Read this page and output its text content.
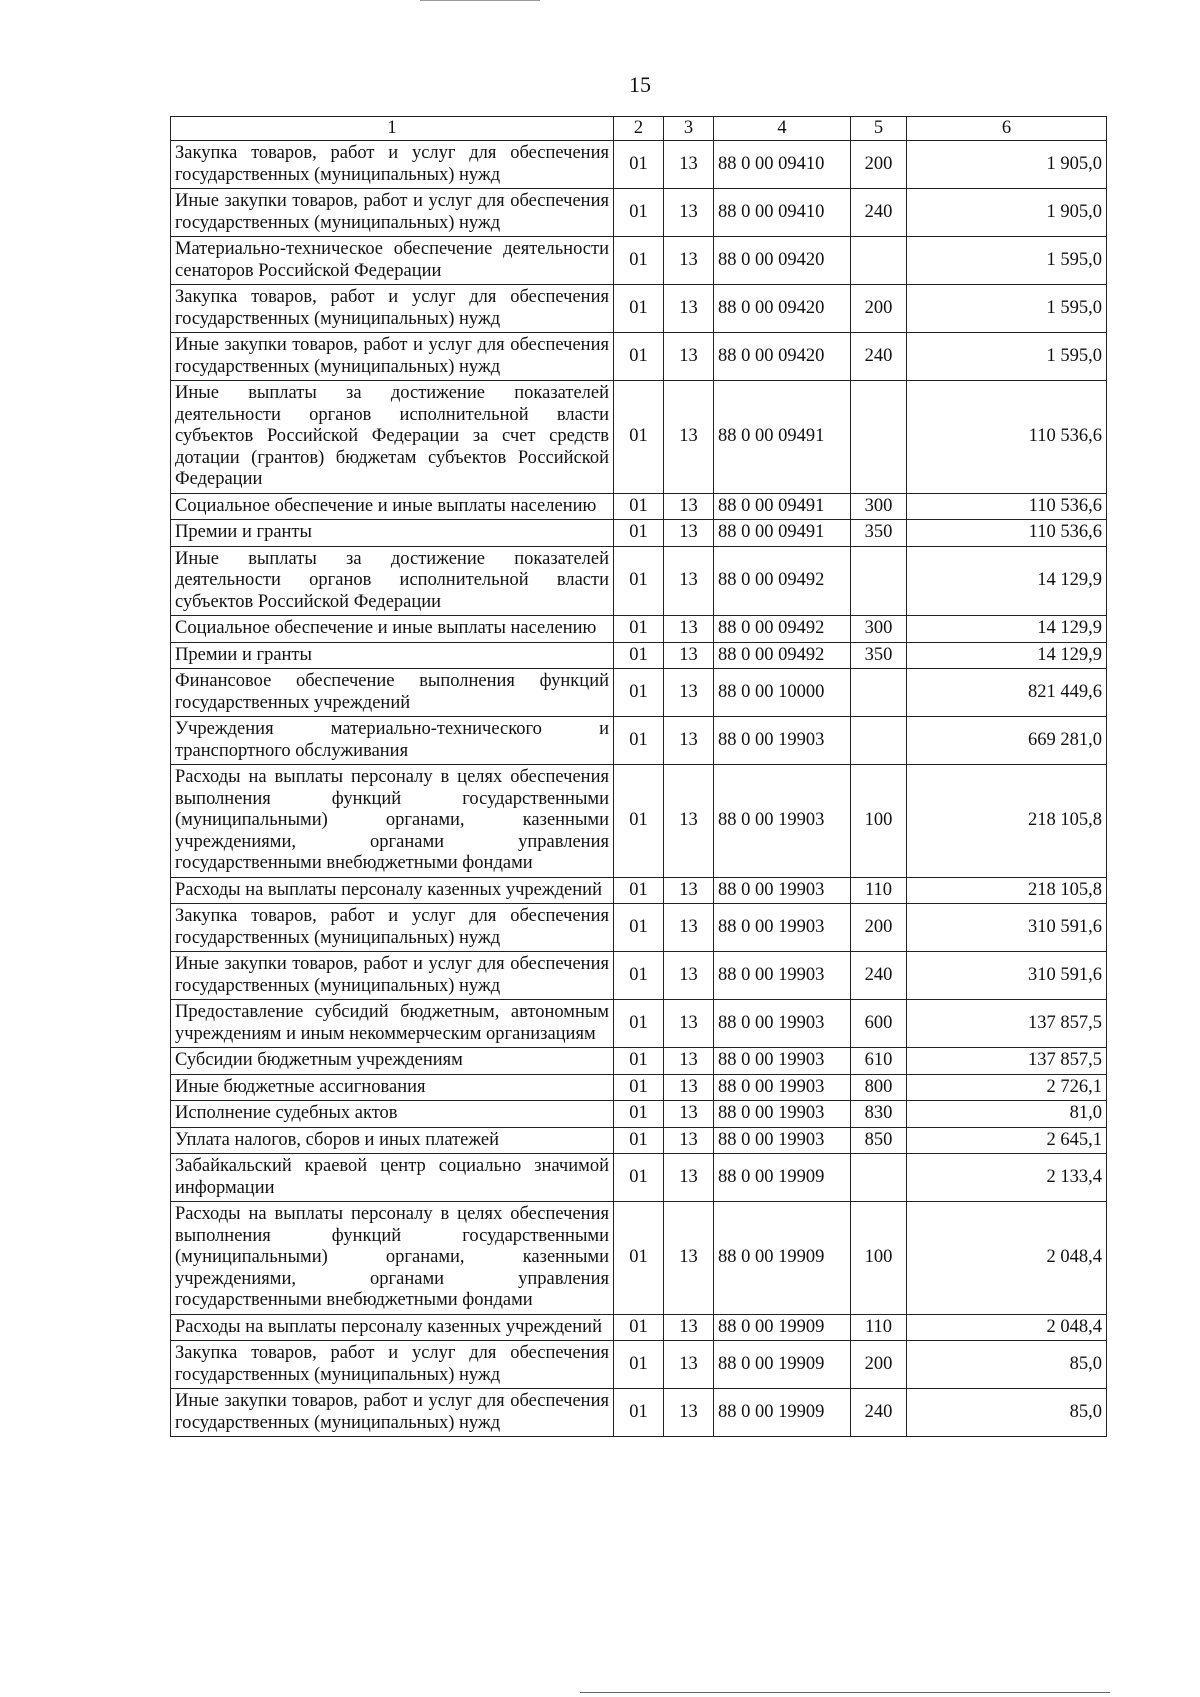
15
1	2	3	4	5	6
Закупка товаров, работ и услуг для обеспечения государственных (муниципальных) нужд	01	13	88 0 00 09410	200	1 905,0
Иные закупки товаров, работ и услуг для обеспечения государственных (муниципальных) нужд	01	13	88 0 00 09410	240	1 905,0
Материально-техническое обеспечение деятельности сенаторов Российской Федерации	01	13	88 0 00 09420		1 595,0
Закупка товаров, работ и услуг для обеспечения государственных (муниципальных) нужд	01	13	88 0 00 09420	200	1 595,0
Иные закупки товаров, работ и услуг для обеспечения государственных (муниципальных) нужд	01	13	88 0 00 09420	240	1 595,0
Иные выплаты за достижение показателей деятельности органов исполнительной власти субъектов Российской Федерации за счет средств дотации (грантов) бюджетам субъектов Российской Федерации	01	13	88 0 00 09491		110 536,6
Социальное обеспечение и иные выплаты населению	01	13	88 0 00 09491	300	110 536,6
Премии и гранты	01	13	88 0 00 09491	350	110 536,6
Иные выплаты за достижение показателей деятельности органов исполнительной власти субъектов Российской Федерации	01	13	88 0 00 09492		14 129,9
Социальное обеспечение и иные выплаты населению	01	13	88 0 00 09492	300	14 129,9
Премии и гранты	01	13	88 0 00 09492	350	14 129,9
Финансовое обеспечение выполнения функций государственных учреждений	01	13	88 0 00 10000		821 449,6
Учреждения материально-технического и транспортного обслуживания	01	13	88 0 00 19903		669 281,0
Расходы на выплаты персоналу в целях обеспечения выполнения функций государственными (муниципальными) органами, казенными учреждениями, органами управления государственными внебюджетными фондами	01	13	88 0 00 19903	100	218 105,8
Расходы на выплаты персоналу казенных учреждений	01	13	88 0 00 19903	110	218 105,8
Закупка товаров, работ и услуг для обеспечения государственных (муниципальных) нужд	01	13	88 0 00 19903	200	310 591,6
Иные закупки товаров, работ и услуг для обеспечения государственных (муниципальных) нужд	01	13	88 0 00 19903	240	310 591,6
Предоставление субсидий бюджетным, автономным учреждениям и иным некоммерческим организациям	01	13	88 0 00 19903	600	137 857,5
Субсидии бюджетным учреждениям	01	13	88 0 00 19903	610	137 857,5
Иные бюджетные ассигнования	01	13	88 0 00 19903	800	2 726,1
Исполнение судебных актов	01	13	88 0 00 19903	830	81,0
Уплата налогов, сборов и иных платежей	01	13	88 0 00 19903	850	2 645,1
Забайкальский краевой центр социально значимой информации	01	13	88 0 00 19909		2 133,4
Расходы на выплаты персоналу в целях обеспечения выполнения функций государственными (муниципальными) органами, казенными учреждениями, органами управления государственными внебюджетными фондами	01	13	88 0 00 19909	100	2 048,4
Расходы на выплаты персоналу казенных учреждений	01	13	88 0 00 19909	110	2 048,4
Закупка товаров, работ и услуг для обеспечения государственных (муниципальных) нужд	01	13	88 0 00 19909	200	85,0
Иные закупки товаров, работ и услуг для обеспечения государственных (муниципальных) нужд	01	13	88 0 00 19909	240	85,0
